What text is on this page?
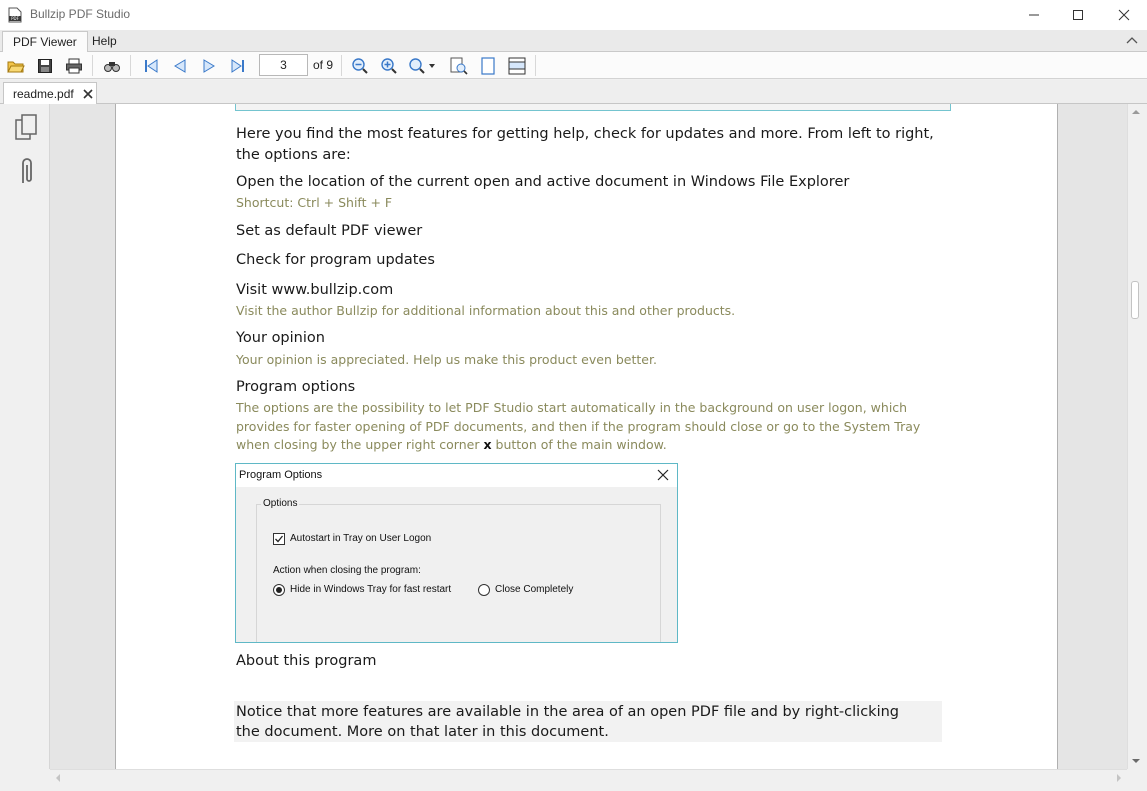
PDF Bullzip PDF Studio
PDF Viewer	Help
3
of 9
readme.pdf
Here you find the most features for getting help, check for updates and more. From left to right, the options are:
Open the location of the current open and active document in Windows File Explorer
Shortcut: Ctrl + Shift + F
Set as default PDF viewer
Check for program updates
Visit www.bullzip.com
Visit the author Bullzip for additional information about this and other products.
Your opinion
Your opinion is appreciated. Help us make this product even better.
Program options
The options are the possibility to let PDF Studio start automatically in the background on user logon, which provides for faster opening of PDF documents, and then if the program should close or go to the System Tray when closing by the upper right corner x button of the main window.
Program Options
Options
Autostart in Tray on User Logon
Action when closing the program:
Hide in Windows Tray for fast restart	Close Completely
About this program
Notice that more features are available in the area of an open PDF file and by right-clicking the document. More on that later in this document.
